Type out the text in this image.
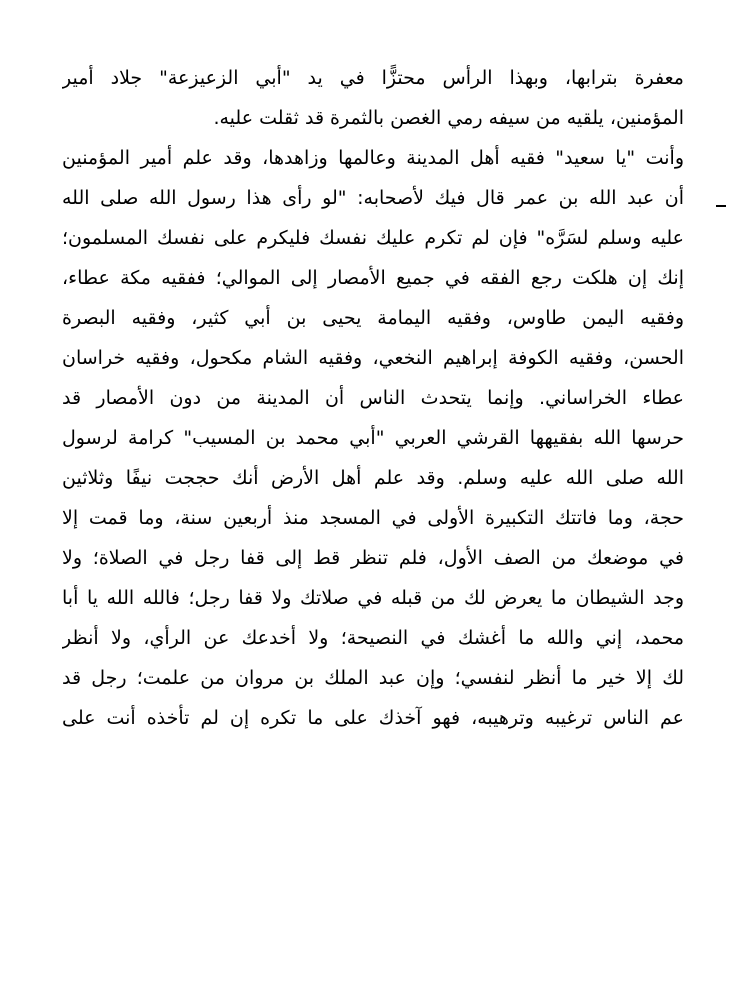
معفرة بترابها، وبهذا الرأس محتزًّا في يد "أبي الزعيزعة" جلاد أمير
المؤمنين، يلقيه من سيفه رمي الغصن بالثمرة قد ثقلت عليه.
وأنت "يا سعيد" فقيه أهل المدينة وعالمها وزاهدها، وقد علم أمير المؤمنين
أن عبد الله بن عمر قال فيك لأصحابه: "لو رأى هذا رسول الله صلى الله
عليه وسلم لسَرَّه" فإن لم تكرم عليك نفسك فليكرم على نفسك المسلمون؛
إنك إن هلكت رجع الفقه في جميع الأمصار إلى الموالي؛ ففقيه مكة عطاء،
وفقيه اليمن طاوس، وفقيه اليمامة يحيى بن أبي كثير، وفقيه البصرة
الحسن، وفقيه الكوفة إبراهيم النخعي، وفقيه الشام مكحول، وفقيه خراسان
عطاء الخراساني. وإنما يتحدث الناس أن المدينة من دون الأمصار قد
حرسها الله بفقيهها القرشي العربي "أبي محمد بن المسيب" كرامة لرسول
الله صلى الله عليه وسلم. وقد علم أهل الأرض أنك حججت نيفًا وثلاثين
حجة، وما فاتتك التكبيرة الأولى في المسجد منذ أربعين سنة، وما قمت إلا
في موضعك من الصف الأول، فلم تنظر قط إلى قفا رجل في الصلاة؛ ولا
وجد الشيطان ما يعرض لك من قبله في صلاتك ولا قفا رجل؛ فالله الله يا أبا
محمد، إني والله ما أغشك في النصيحة؛ ولا أخدعك عن الرأي، ولا أنظر
لك إلا خير ما أنظر لنفسي؛ وإن عبد الملك بن مروان من علمت؛ رجل قد
عم الناس ترغيبه وترهيبه، فهو آخذك على ما تكره إن لم تأخذه أنت على
